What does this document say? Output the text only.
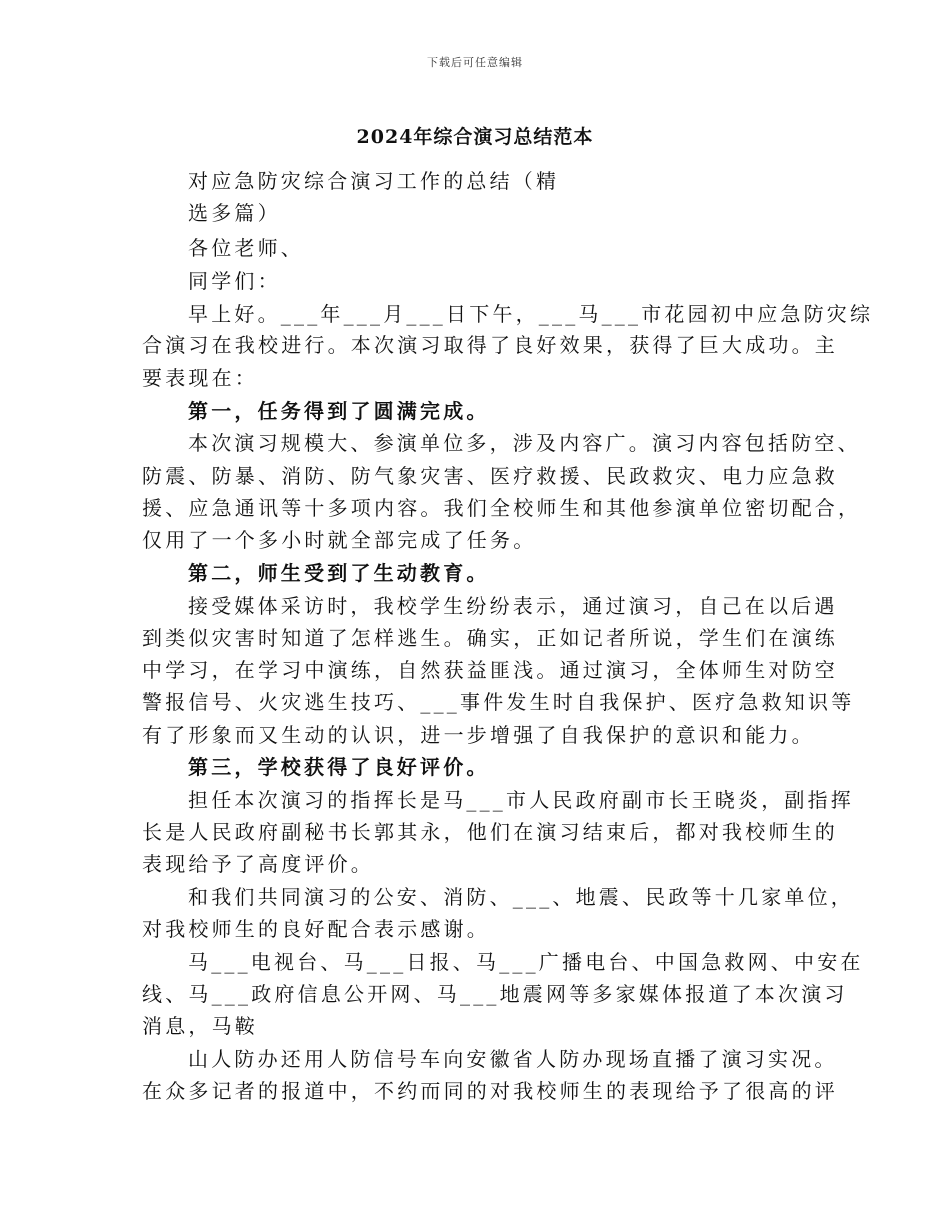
下载后可任意编辑
2024年综合演习总结范本
对应急防灾综合演习工作的总结（精
选多篇）
各位老师、
同学们：
早上好。___年___月___日下午，___马___市花园初中应急防灾综
合演习在我校进行。本次演习取得了良好效果，获得了巨大成功。主
要表现在：
第一，任务得到了圆满完成。
本次演习规模大、参演单位多，涉及内容广。演习内容包括防空、
防震、防暴、消防、防气象灾害、医疗救援、民政救灾、电力应急救
援、应急通讯等十多项内容。我们全校师生和其他参演单位密切配合，
仅用了一个多小时就全部完成了任务。
第二，师生受到了生动教育。
接受媒体采访时，我校学生纷纷表示，通过演习，自己在以后遇
到类似灾害时知道了怎样逃生。确实，正如记者所说，学生们在演练
中学习，在学习中演练，自然获益匪浅。通过演习，全体师生对防空
警报信号、火灾逃生技巧、___事件发生时自我保护、医疗急救知识等
有了形象而又生动的认识，进一步增强了自我保护的意识和能力。
第三，学校获得了良好评价。
担任本次演习的指挥长是马___市人民政府副市长王晓炎，副指挥
长是人民政府副秘书长郭其永，他们在演习结束后，都对我校师生的
表现给予了高度评价。
和我们共同演习的公安、消防、___、地震、民政等十几家单位，
对我校师生的良好配合表示感谢。
马___电视台、马___日报、马___广播电台、中国急救网、中安在
线、马___政府信息公开网、马___地震网等多家媒体报道了本次演习
消息，马鞍
山人防办还用人防信号车向安徽省人防办现场直播了演习实况。
在众多记者的报道中，不约而同的对我校师生的表现给予了很高的评
